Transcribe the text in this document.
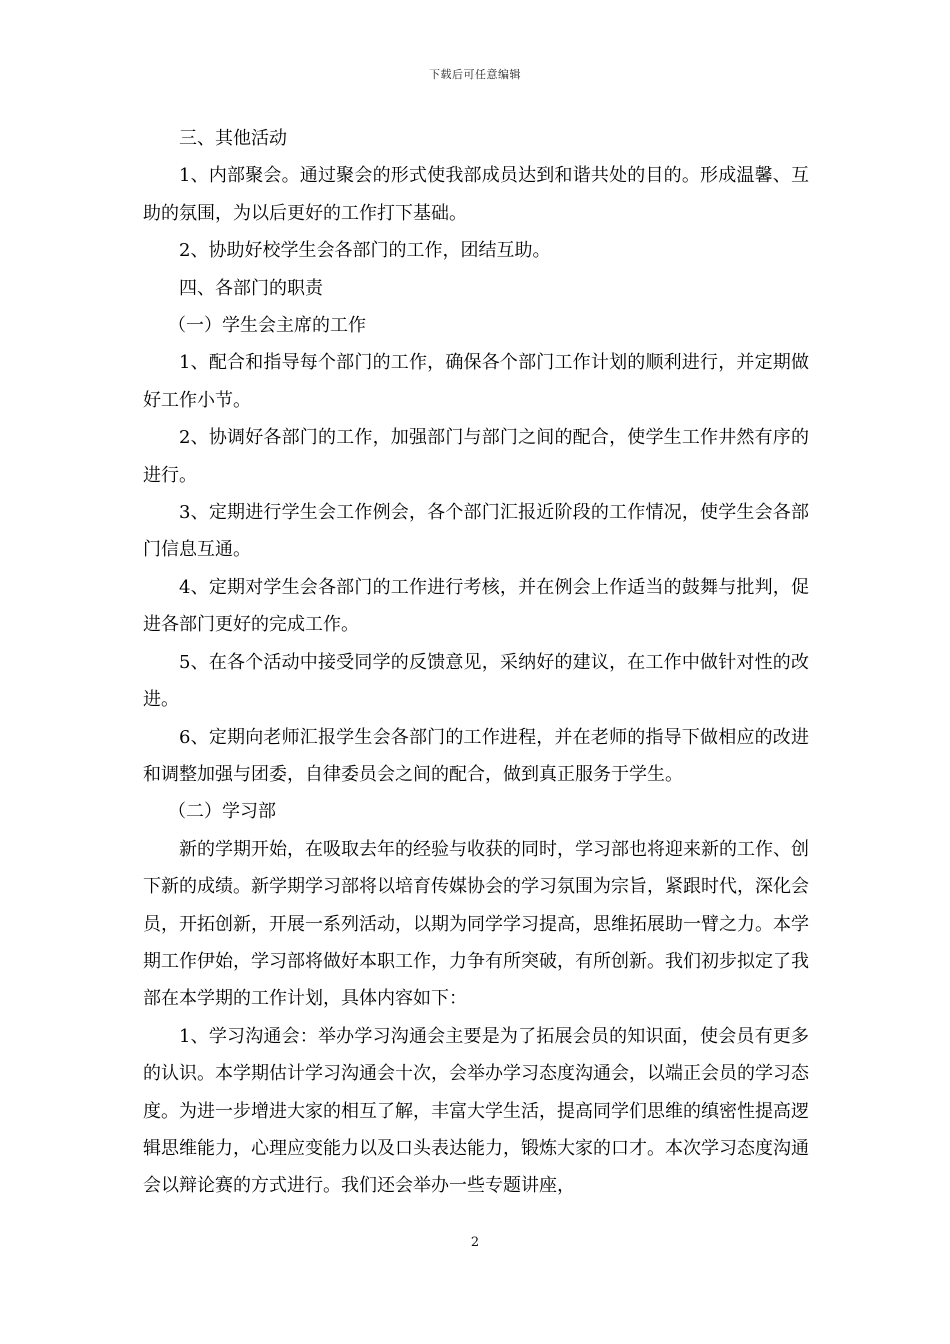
下载后可任意编辑

三、其他活动

1、内部聚会。通过聚会的形式使我部成员达到和谐共处的目的。形成温馨、互助的氛围，为以后更好的工作打下基础。

2、协助好校学生会各部门的工作，团结互助。

四、各部门的职责

（一）学生会主席的工作

1、配合和指导每个部门的工作，确保各个部门工作计划的顺利进行，并定期做好工作小节。

2、协调好各部门的工作，加强部门与部门之间的配合，使学生工作井然有序的进行。

3、定期进行学生会工作例会，各个部门汇报近阶段的工作情况，使学生会各部门信息互通。

4、定期对学生会各部门的工作进行考核，并在例会上作适当的鼓舞与批判，促进各部门更好的完成工作。

5、在各个活动中接受同学的反馈意见，采纳好的建议，在工作中做针对性的改进。

6、定期向老师汇报学生会各部门的工作进程，并在老师的指导下做相应的改进和调整加强与团委，自律委员会之间的配合，做到真正服务于学生。

（二）学习部

新的学期开始，在吸取去年的经验与收获的同时，学习部也将迎来新的工作、创下新的成绩。新学期学习部将以培育传媒协会的学习氛围为宗旨，紧跟时代，深化会员，开拓创新，开展一系列活动，以期为同学学习提高，思维拓展助一臂之力。本学期工作伊始，学习部将做好本职工作，力争有所突破，有所创新。我们初步拟定了我部在本学期的工作计划，具体内容如下：

1、学习沟通会：举办学习沟通会主要是为了拓展会员的知识面，使会员有更多的认识。本学期估计学习沟通会十次，会举办学习态度沟通会，以端正会员的学习态度。为进一步增进大家的相互了解，丰富大学生活，提高同学们思维的缜密性提高逻辑思维能力，心理应变能力以及口头表达能力，锻炼大家的口才。本次学习态度沟通会以辩论赛的方式进行。我们还会举办一些专题讲座，

2
